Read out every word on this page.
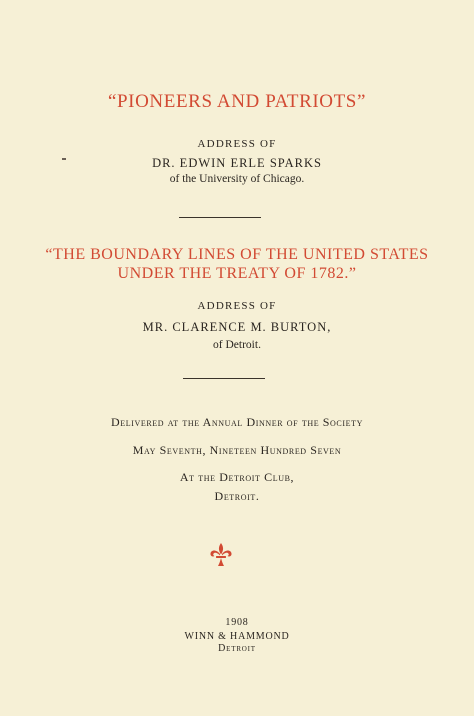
“PIONEERS AND PATRIOTS”
ADDRESS OF
DR. EDWIN ERLE SPARKS
of the University of Chicago.
“THE BOUNDARY LINES OF THE UNITED STATES
UNDER THE TREATY OF 1782.”
ADDRESS OF
MR. CLARENCE M. BURTON,
of Detroit.
Delivered at the Annual Dinner of the Society
May Seventh, Nineteen Hundred Seven
At the Detroit Club,
Detroit.
1908
WINN & HAMMOND
Detroit
